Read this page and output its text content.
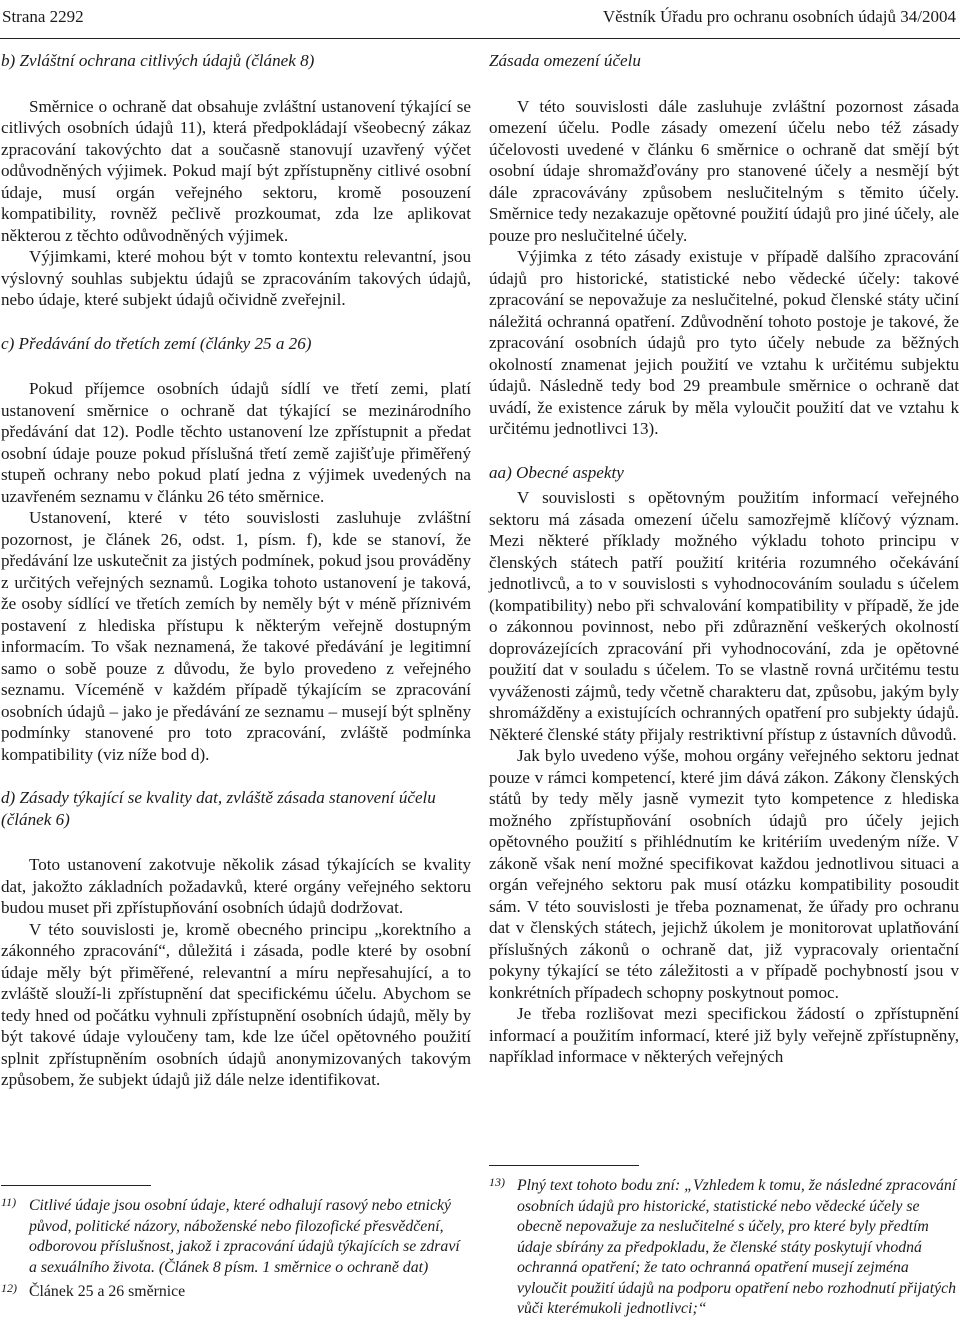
Strana 2292	Věstník Úřadu pro ochranu osobních údajů 34/2004

b) Zvláštní ochrana citlivých údajů (článek 8)

Směrnice o ochraně dat obsahuje zvláštní ustanovení týkající se citlivých osobních údajů 11), která předpokládají všeobecný zákaz zpracování takovýchto dat a současně stanovují uzavřený výčet odůvodněných výjimek. Pokud mají být zpřístupněny citlivé osobní údaje, musí orgán veřejného sektoru, kromě posouzení kompatibility, rovněž pečlivě prozkoumat, zda lze aplikovat některou z těchto odůvodněných výjimek.

Výjimkami, které mohou být v tomto kontextu relevantní, jsou výslovný souhlas subjektu údajů se zpracováním takových údajů, nebo údaje, které subjekt údajů očividně zveřejnil.

c) Předávání do třetích zemí (články 25 a 26)

Pokud příjemce osobních údajů sídlí ve třetí zemi, platí ustanovení směrnice o ochraně dat týkající se mezinárodního předávání dat 12). Podle těchto ustanovení lze zpřístupnit a předat osobní údaje pouze pokud příslušná třetí země zajišťuje přiměřený stupeň ochrany nebo pokud platí jedna z výjimek uvedených na uzavřeném seznamu v článku 26 této směrnice.

Ustanovení, které v této souvislosti zasluhuje zvláštní pozornost, je článek 26, odst. 1, písm. f), kde se stanoví, že předávání lze uskutečnit za jistých podmínek, pokud jsou prováděny z určitých veřejných seznamů. Logika tohoto ustanovení je taková, že osoby sídlící ve třetích zemích by neměly být v méně příznivém postavení z hlediska přístupu k některým veřejně dostupným informacím. To však neznamená, že takové předávání je legitimní samo o sobě pouze z důvodu, že bylo provedeno z veřejného seznamu. Víceméně v každém případě týkajícím se zpracování osobních údajů – jako je předávání ze seznamu – musejí být splněny podmínky stanovené pro toto zpracování, zvláště podmínka kompatibility (viz níže bod d).

d) Zásady týkající se kvality dat, zvláště zásada stanovení účelu (článek 6)

Toto ustanovení zakotvuje několik zásad týkajících se kvality dat, jakožto základních požadavků, které orgány veřejného sektoru budou muset při zpřístupňování osobních údajů dodržovat.

V této souvislosti je, kromě obecného principu „korektního a zákonného zpracování“, důležitá i zásada, podle které by osobní údaje měly být přiměřené, relevantní a míru nepřesahující, a to zvláště slouží-li zpřístupnění dat specifickému účelu. Abychom se tedy hned od počátku vyhnuli zpřístupnění osobních údajů, měly by být takové údaje vyloučeny tam, kde lze účel opětovného použití splnit zpřístupněním osobních údajů anonymizovaných takovým způsobem, že subjekt údajů již dále nelze identifikovat.

11) Citlivé údaje jsou osobní údaje, které odhalují rasový nebo etnický původ, politické názory, náboženské nebo filozofické přesvědčení, odborovou příslušnost, jakož i zpracování údajů týkajících se zdraví a sexuálního života. (Článek 8 písm. 1 směrnice o ochraně dat)

12) Článek 25 a 26 směrnice

Zásada omezení účelu

V této souvislosti dále zasluhuje zvláštní pozornost zásada omezení účelu. Podle zásady omezení účelu nebo též zásady účelovosti uvedené v článku 6 směrnice o ochraně dat smějí být osobní údaje shromažďovány pro stanovené účely a nesmějí být dále zpracovávány způsobem neslučitelným s těmito účely. Směrnice tedy nezakazuje opětovné použití údajů pro jiné účely, ale pouze pro neslučitelné účely.

Výjimka z této zásady existuje v případě dalšího zpracování údajů pro historické, statistické nebo vědecké účely: takové zpracování se nepovažuje za neslučitelné, pokud členské státy učiní náležitá ochranná opatření. Zdůvodnění tohoto postoje je takové, že zpracování osobních údajů pro tyto účely nebude za běžných okolností znamenat jejich použití ve vztahu k určitému subjektu údajů. Následně tedy bod 29 preambule směrnice o ochraně dat uvádí, že existence záruk by měla vyloučit použití dat ve vztahu k určitému jednotlivci 13).

aa) Obecné aspekty

V souvislosti s opětovným použitím informací veřejného sektoru má zásada omezení účelu samozřejmě klíčový význam. Mezi některé příklady možného výkladu tohoto principu v členských státech patří použití kritéria rozumného očekávání jednotlivců, a to v souvislosti s vyhodnocováním souladu s účelem (kompatibility) nebo při schvalování kompatibility v případě, že jde o zákonnou povinnost, nebo při zdůraznění veškerých okolností doprovázejících zpracování při vyhodnocování, zda je opětovné použití dat v souladu s účelem. To se vlastně rovná určitému testu vyváženosti zájmů, tedy včetně charakteru dat, způsobu, jakým byly shromážděny a existujících ochranných opatření pro subjekty údajů. Některé členské státy přijaly restriktivní přístup z ústavních důvodů.

Jak bylo uvedeno výše, mohou orgány veřejného sektoru jednat pouze v rámci kompetencí, které jim dává zákon. Zákony členských států by tedy měly jasně vymezit tyto kompetence z hlediska možného zpřístupňování osobních údajů pro účely jejich opětovného použití s přihlédnutím ke kritériím uvedeným níže. V zákoně však není možné specifikovat každou jednotlivou situaci a orgán veřejného sektoru pak musí otázku kompatibility posoudit sám. V této souvislosti je třeba poznamenat, že úřady pro ochranu dat v členských státech, jejichž úkolem je monitorovat uplatňování příslušných zákonů o ochraně dat, již vypracovaly orientační pokyny týkající se této záležitosti a v případě pochybností jsou v konkrétních případech schopny poskytnout pomoc.

Je třeba rozlišovat mezi specifickou žádostí o zpřístupnění informací a použitím informací, které již byly veřejně zpřístupněny, například informace v některých veřejných

13) Plný text tohoto bodu zní: „Vzhledem k tomu, že následné zpracování osobních údajů pro historické, statistické nebo vědecké účely se obecně nepovažuje za neslučitelné s účely, pro které byly předtím údaje sbírány za předpokladu, že členské státy poskytují vhodná ochranná opatření; že tato ochranná opatření musejí zejména vyloučit použití údajů na podporu opatření nebo rozhodnutí přijatých vůči kterémukoli jednotlivci;“
